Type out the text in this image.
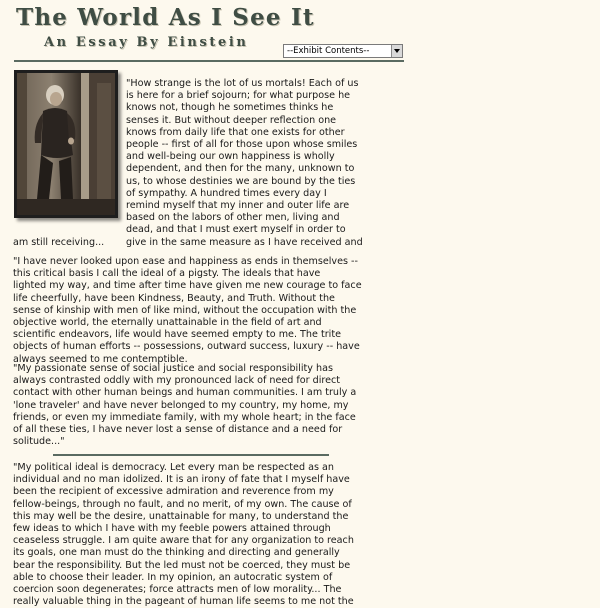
The World As I See It
An Essay By Einstein
--Exhibit Contents--
"How strange is the lot of us mortals! Each of us
is here for a brief sojourn; for what purpose he
knows not, though he sometimes thinks he
senses it. But without deeper reflection one
knows from daily life that one exists for other
people -- first of all for those upon whose smiles
and well-being our own happiness is wholly
dependent, and then for the many, unknown to
us, to whose destinies we are bound by the ties
of sympathy. A hundred times every day I
remind myself that my inner and outer life are
based on the labors of other men, living and
dead, and that I must exert myself in order to
give in the same measure as I have received and
am still receiving...
"I have never looked upon ease and happiness as ends in themselves --
this critical basis I call the ideal of a pigsty. The ideals that have
lighted my way, and time after time have given me new courage to face
life cheerfully, have been Kindness, Beauty, and Truth. Without the
sense of kinship with men of like mind, without the occupation with the
objective world, the eternally unattainable in the field of art and
scientific endeavors, life would have seemed empty to me. The trite
objects of human efforts -- possessions, outward success, luxury -- have
always seemed to me contemptible.
"My passionate sense of social justice and social responsibility has
always contrasted oddly with my pronounced lack of need for direct
contact with other human beings and human communities. I am truly a
'lone traveler' and have never belonged to my country, my home, my
friends, or even my immediate family, with my whole heart; in the face
of all these ties, I have never lost a sense of distance and a need for
solitude..."
"My political ideal is democracy. Let every man be respected as an
individual and no man idolized. It is an irony of fate that I myself have
been the recipient of excessive admiration and reverence from my
fellow-beings, through no fault, and no merit, of my own. The cause of
this may well be the desire, unattainable for many, to understand the
few ideas to which I have with my feeble powers attained through
ceaseless struggle. I am quite aware that for any organization to reach
its goals, one man must do the thinking and directing and generally
bear the responsibility. But the led must not be coerced, they must be
able to choose their leader. In my opinion, an autocratic system of
coercion soon degenerates; force attracts men of low morality... The
really valuable thing in the pageant of human life seems to me not the
